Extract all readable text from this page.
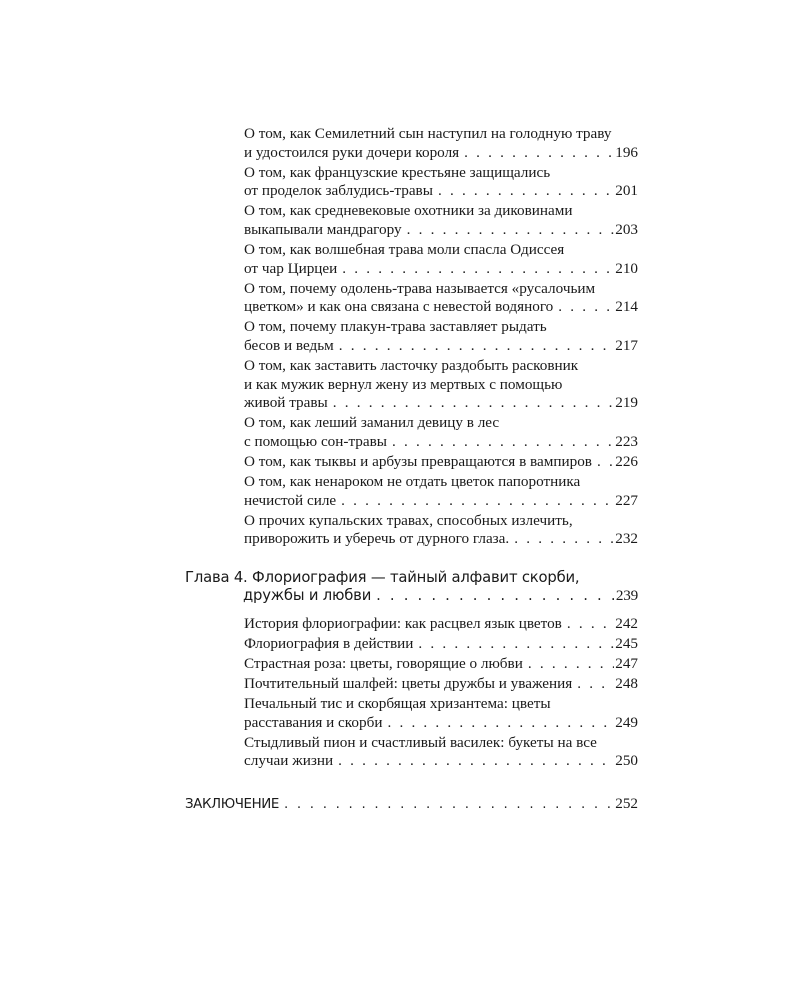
О том, как Семилетний сын наступил на голодную траву
и удостоился руки дочери короля . . .	196
О том, как французские крестьяне защищались
от проделок заблудись-травы . . .	201
О том, как средневековые охотники за диковинами
выкапывали мандрагору . . .	203
О том, как волшебная трава моли спасла Одиссея
от чар Цирцеи . . .	210
О том, почему одолень-трава называется «русалочьим
цветком» и как она связана с невестой водяного . . .	214
О том, почему плакун-трава заставляет рыдать
бесов и ведьм . . .	217
О том, как заставить ласточку раздобыть расковник
и как мужик вернул жену из мертвых с помощью
живой травы . . .	219
О том, как леший заманил девицу в лес
с помощью сон-травы . . .	223
О том, как тыквы и арбузы превращаются в вампиров . . . 226
О том, как ненароком не отдать цветок папоротника
нечистой силе . . .	227
О прочих купальских травах, способных излечить,
приворожить и уберечь от дурного глаза. . . .	232
Глава 4. Флориография — тайный алфавит скорби,
дружбы и любви . . .	239
История флориографии: как расцвел язык цветов . . .	242
Флориография в действии . . .	245
Страстная роза: цветы, говорящие о любви . . .	247
Почтительный шалфей: цветы дружбы и уважения . . .	248
Печальный тис и скорбящая хризантема: цветы
расставания и скорби . . .	249
Стыдливый пион и счастливый василек: букеты на все
случаи жизни . . .	250
ЗАКЛЮЧЕНИЕ . . .	252
